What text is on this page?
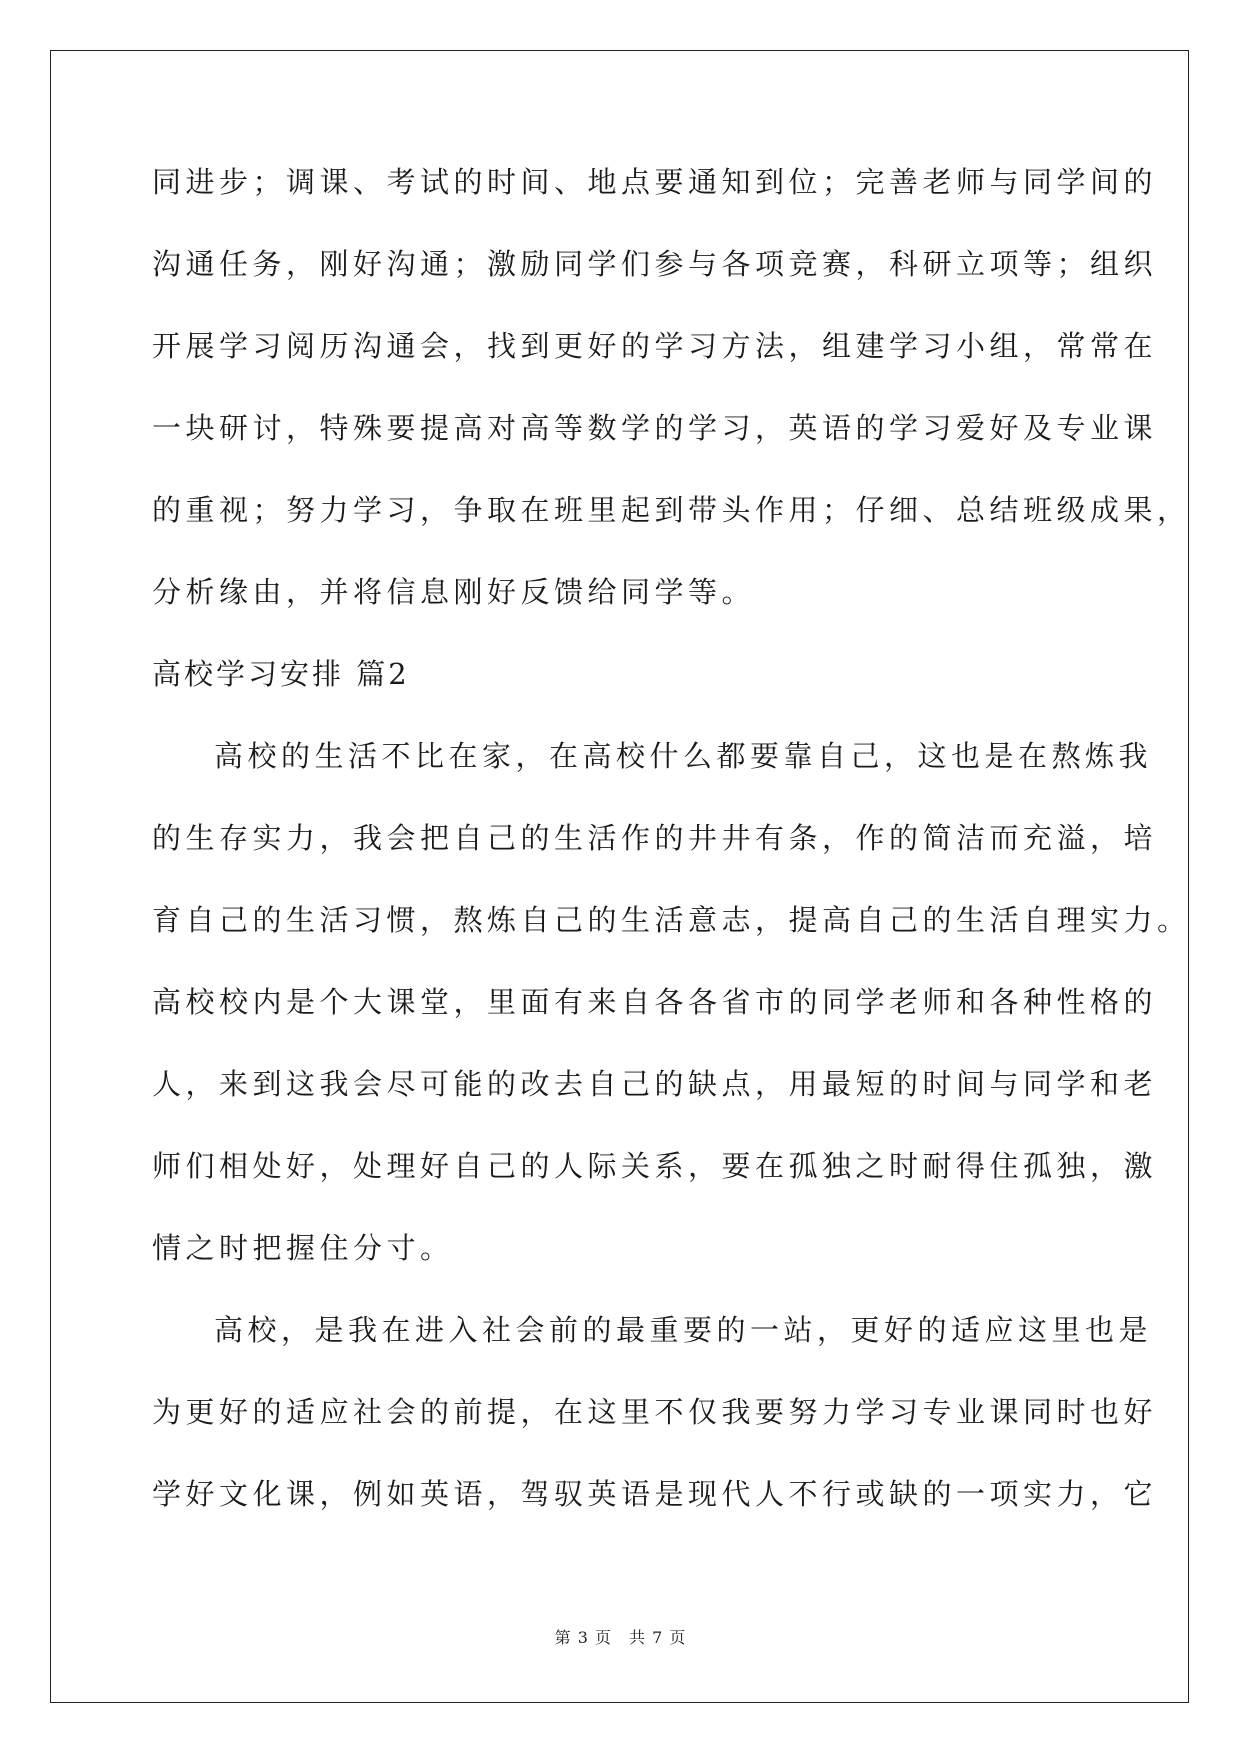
同进步；调课、考试的时间、地点要通知到位；完善老师与同学间的
沟通任务，刚好沟通；激励同学们参与各项竞赛，科研立项等；组织
开展学习阅历沟通会，找到更好的学习方法，组建学习小组，常常在
一块研讨，特殊要提高对高等数学的学习，英语的学习爱好及专业课
的重视；努力学习，争取在班里起到带头作用；仔细、总结班级成果，
分析缘由，并将信息刚好反馈给同学等。
高校学习安排 篇2
高校的生活不比在家，在高校什么都要靠自己，这也是在熬炼我
的生存实力，我会把自己的生活作的井井有条，作的简洁而充溢，培
育自己的生活习惯，熬炼自己的生活意志，提高自己的生活自理实力。
高校校内是个大课堂，里面有来自各各省市的同学老师和各种性格的
人，来到这我会尽可能的改去自己的缺点，用最短的时间与同学和老
师们相处好，处理好自己的人际关系，要在孤独之时耐得住孤独，激
情之时把握住分寸。
高校，是我在进入社会前的最重要的一站，更好的适应这里也是
为更好的适应社会的前提，在这里不仅我要努力学习专业课同时也好
学好文化课，例如英语，驾驭英语是现代人不行或缺的一项实力，它
第 3 页　共 7 页
